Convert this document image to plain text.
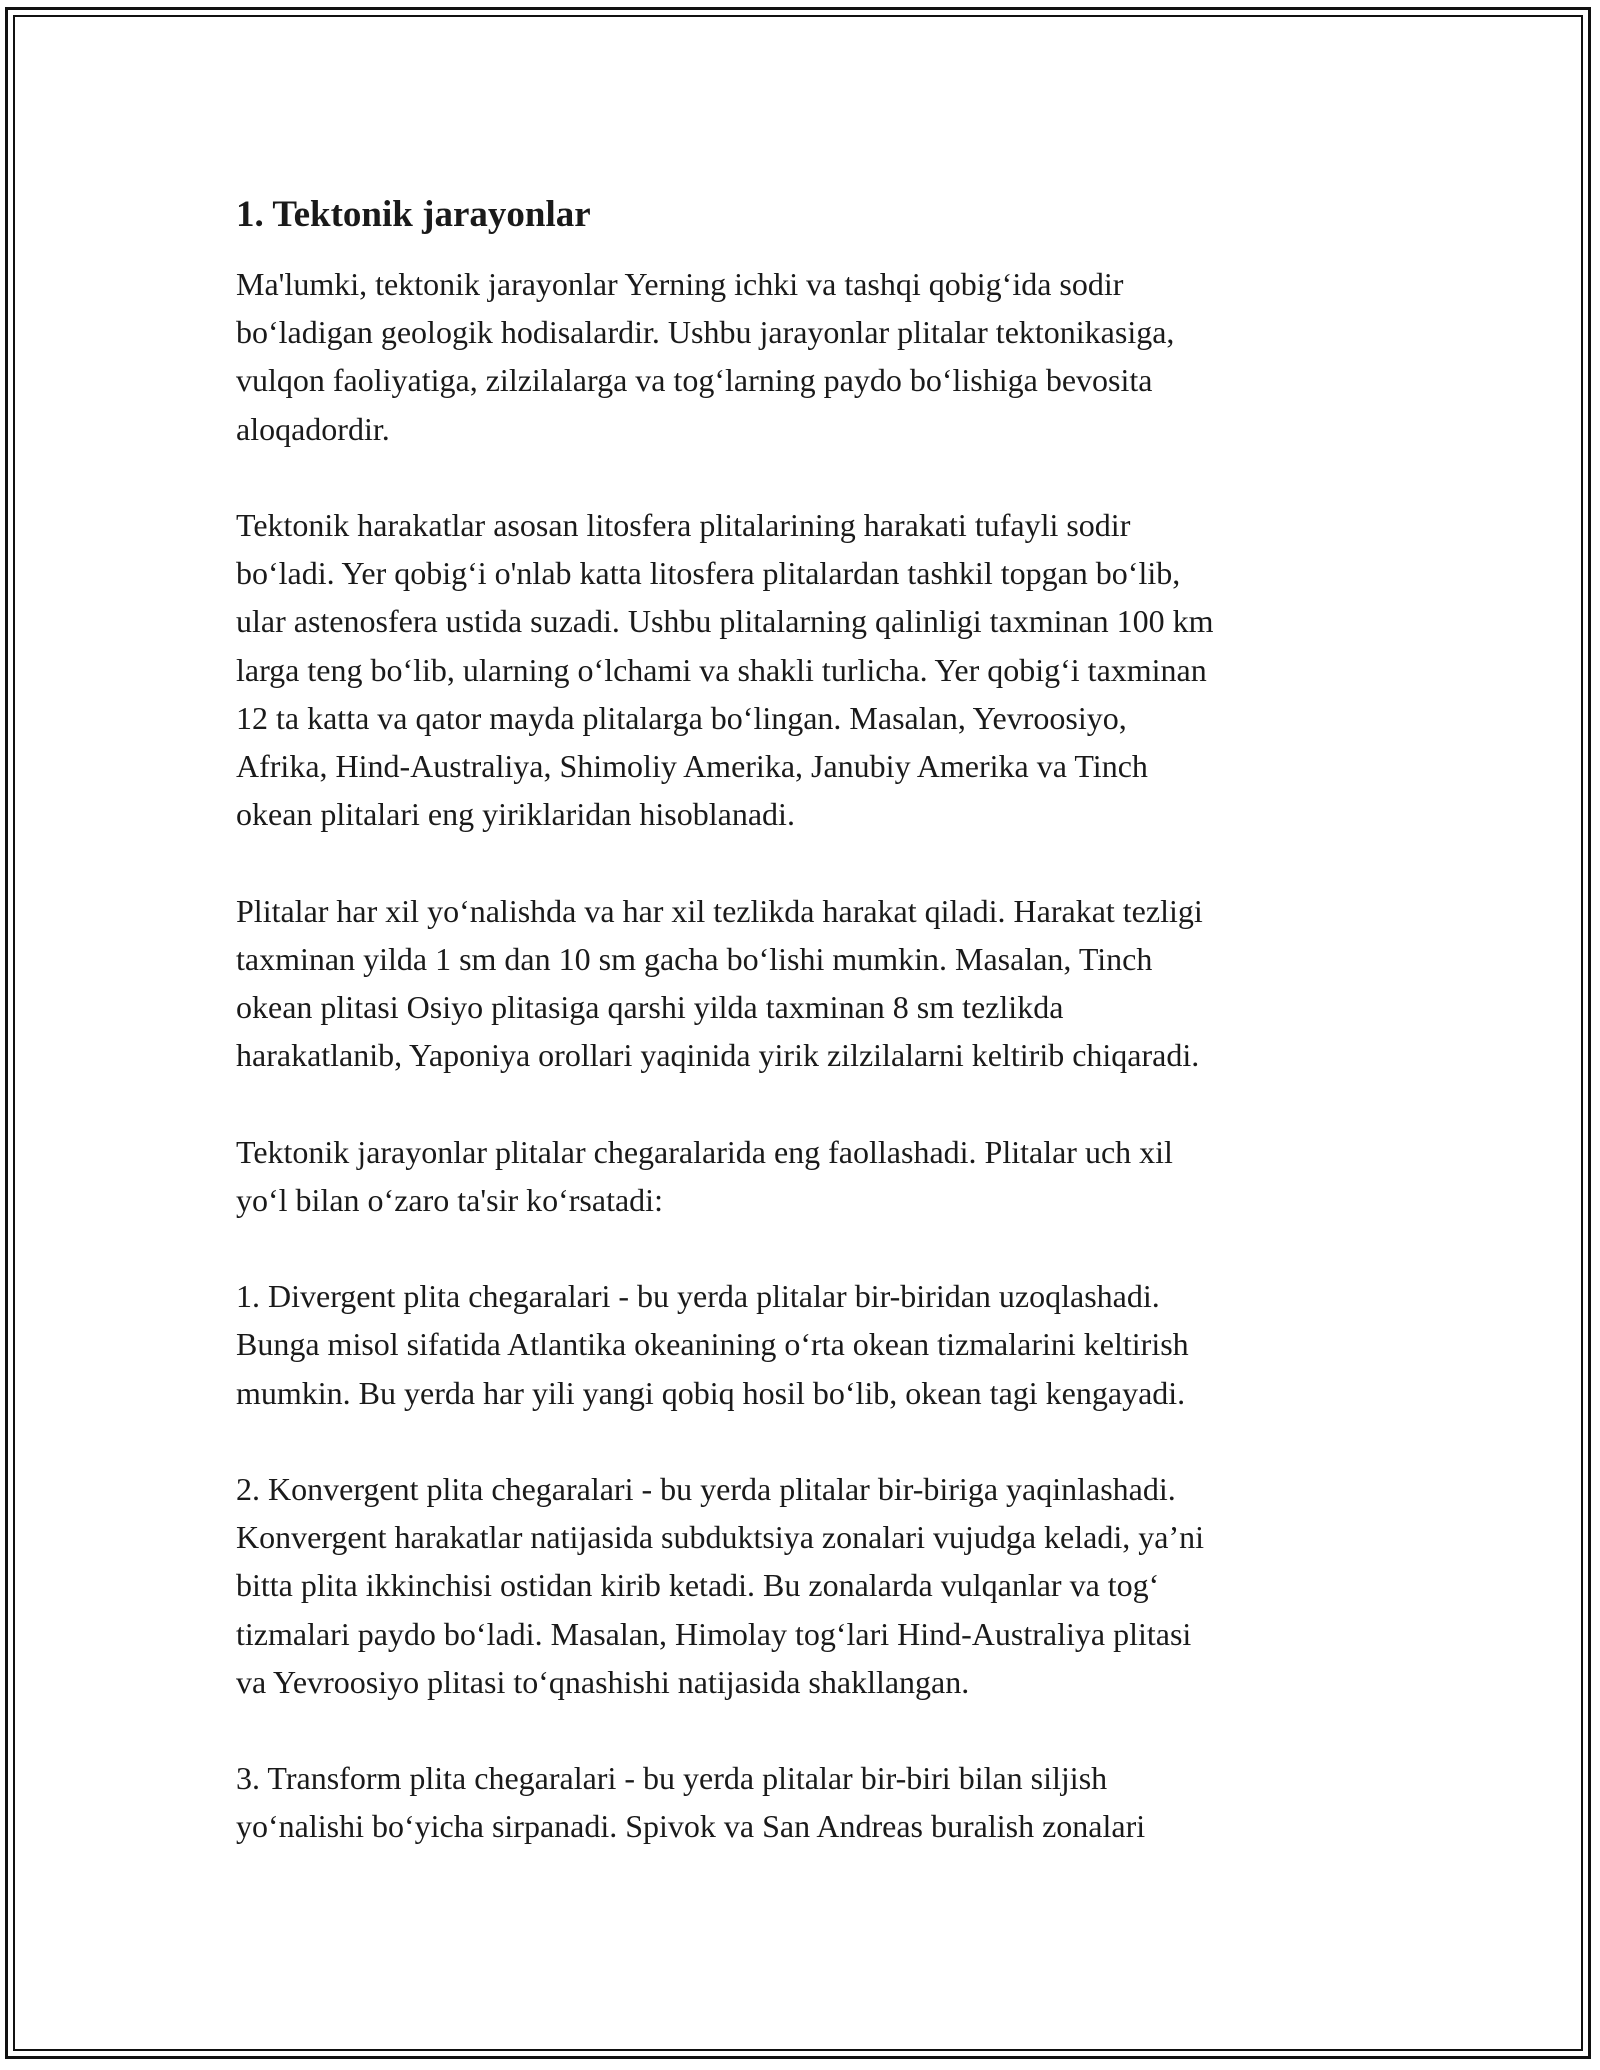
1. Tektonik jarayonlar

Ma'lumki, tektonik jarayonlar Yerning ichki va tashqi qobig‘ida sodir
bo‘ladigan geologik hodisalardir. Ushbu jarayonlar plitalar tektonikasiga,
vulqon faoliyatiga, zilzilalarga va tog‘larning paydo bo‘lishiga bevosita
aloqadordir.

Tektonik harakatlar asosan litosfera plitalarining harakati tufayli sodir
bo‘ladi. Yer qobig‘i o'nlab katta litosfera plitalardan tashkil topgan bo‘lib,
ular astenosfera ustida suzadi. Ushbu plitalarning qalinligi taxminan 100 km
larga teng bo‘lib, ularning o‘lchami va shakli turlicha. Yer qobig‘i taxminan
12 ta katta va qator mayda plitalarga bo‘lingan. Masalan, Yevroosiyo,
Afrika, Hind-Australiya, Shimoliy Amerika, Janubiy Amerika va Tinch
okean plitalari eng yiriklaridan hisoblanadi.

Plitalar har xil yo‘nalishda va har xil tezlikda harakat qiladi. Harakat tezligi
taxminan yilda 1 sm dan 10 sm gacha bo‘lishi mumkin. Masalan, Tinch
okean plitasi Osiyo plitasiga qarshi yilda taxminan 8 sm tezlikda
harakatlanib, Yaponiya orollari yaqinida yirik zilzilalarni keltirib chiqaradi.

Tektonik jarayonlar plitalar chegaralarida eng faollashadi. Plitalar uch xil
yo‘l bilan o‘zaro ta'sir ko‘rsatadi:

1. Divergent plita chegaralari - bu yerda plitalar bir-biridan uzoqlashadi.
Bunga misol sifatida Atlantika okeanining o‘rta okean tizmalarini keltirish
mumkin. Bu yerda har yili yangi qobiq hosil bo‘lib, okean tagi kengayadi.

2. Konvergent plita chegaralari - bu yerda plitalar bir-biriga yaqinlashadi.
Konvergent harakatlar natijasida subduktsiya zonalari vujudga keladi, ya’ni
bitta plita ikkinchisi ostidan kirib ketadi. Bu zonalarda vulqanlar va tog‘
tizmalari paydo bo‘ladi. Masalan, Himolay tog‘lari Hind-Australiya plitasi
va Yevroosiyo plitasi to‘qnashishi natijasida shakllangan.

3. Transform plita chegaralari - bu yerda plitalar bir-biri bilan siljish
yo‘nalishi bo‘yicha sirpanadi. Spivok va San Andreas buralish zonalari
